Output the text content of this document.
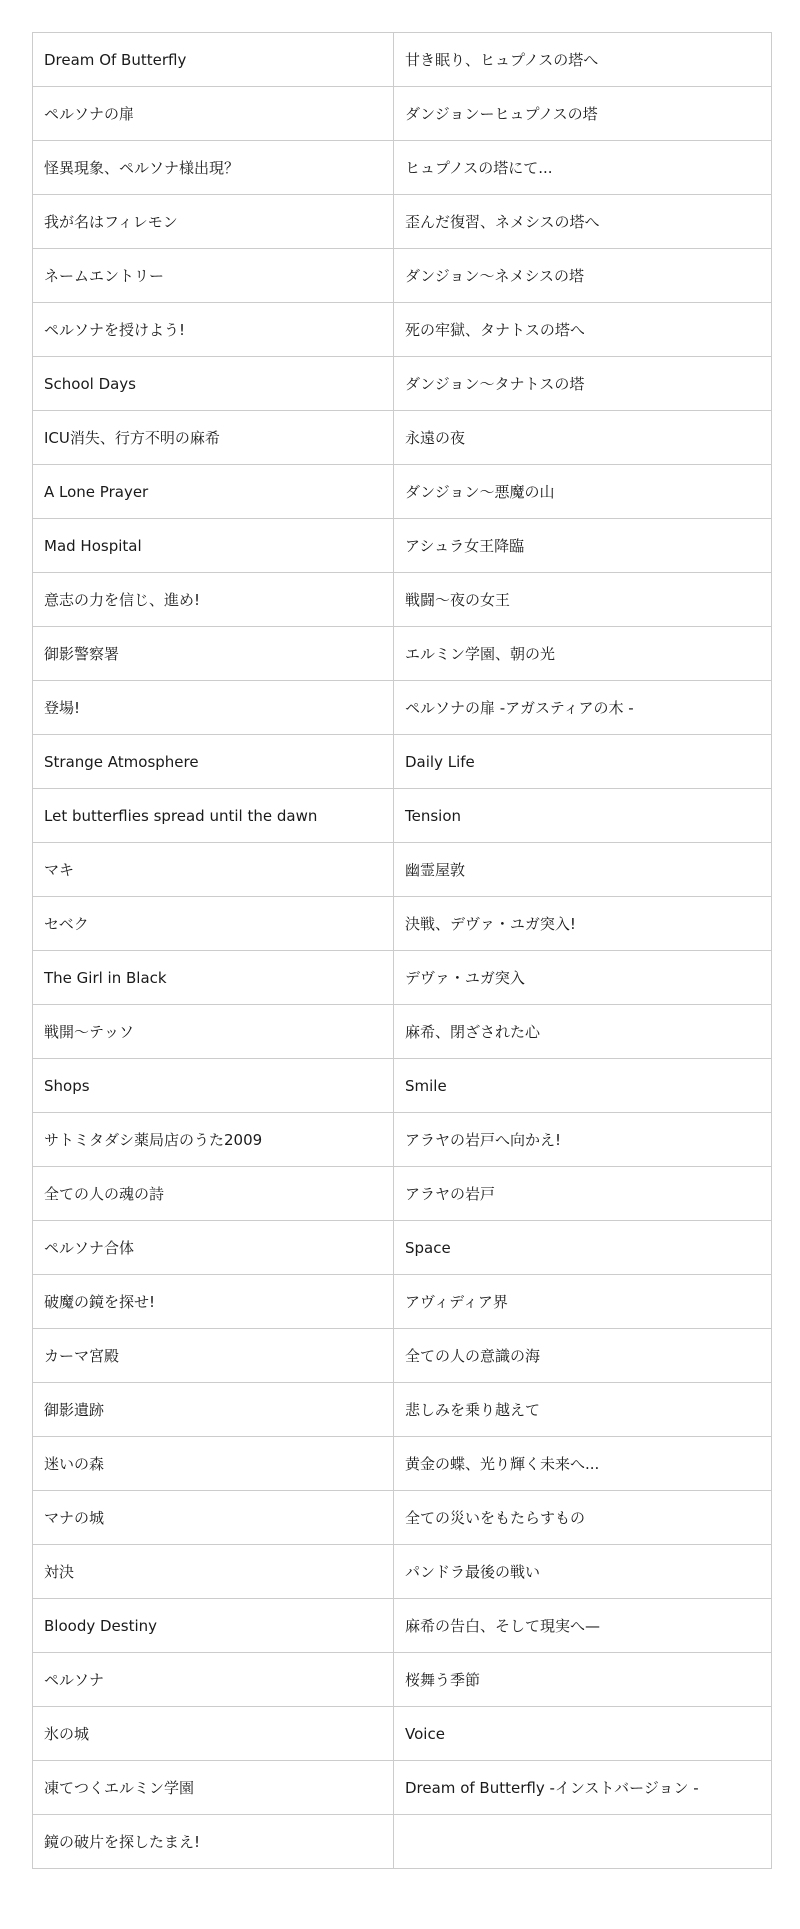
Dream Of Butterfly	甘き眠り、ヒュプノスの塔へ
ペルソナの扉	ダンジョンーヒュプノスの塔
怪異現象、ペルソナ様出現？	ヒュプノスの塔にて...
我が名はフィレモン	歪んだ復習、ネメシスの塔へ
ネームエントリー	ダンジョン〜ネメシスの塔
ペルソナを授けよう!	死の牢獄、タナトスの塔へ
School Days	ダンジョン〜タナトスの塔
ICU消失、行方不明の麻希	永遠の夜
A Lone Prayer	ダンジョン〜悪魔の山
Mad Hospital	アシュラ女王降臨
意志の力を信じ、進め!	戦闘〜夜の女王
御影警察署	エルミン学園、朝の光
登場!	ペルソナの扉 -アガスティアの木 -
Strange Atmosphere	Daily Life
Let butterflies spread until the dawn	Tension
マキ	幽霊屋敦
セベク	決戦、デヴァ・ユガ突入!
The Girl in Black	デヴァ・ユガ突入
戦開〜テッソ	麻希、閉ざされた心
Shops	Smile
サトミタダシ薬局店のうた2009	アラヤの岩戸へ向かえ!
全ての人の魂の詩	アラヤの岩戸
ペルソナ合体	Space
破魔の鏡を探せ!	アヴィディア界
カーマ宮殿	全ての人の意識の海
御影遺跡	悲しみを乗り越えて
迷いの森	黄金の蝶、光り輝く未来へ...
マナの城	全ての災いをもたらすもの
対決	パンドラ最後の戦い
Bloody Destiny	麻希の告白、そして現実へ—
ペルソナ	桜舞う季節
氷の城	Voice
凍てつくエルミン学園	Dream of Butterfly -インストバージョン -
鏡の破片を探したまえ!	
